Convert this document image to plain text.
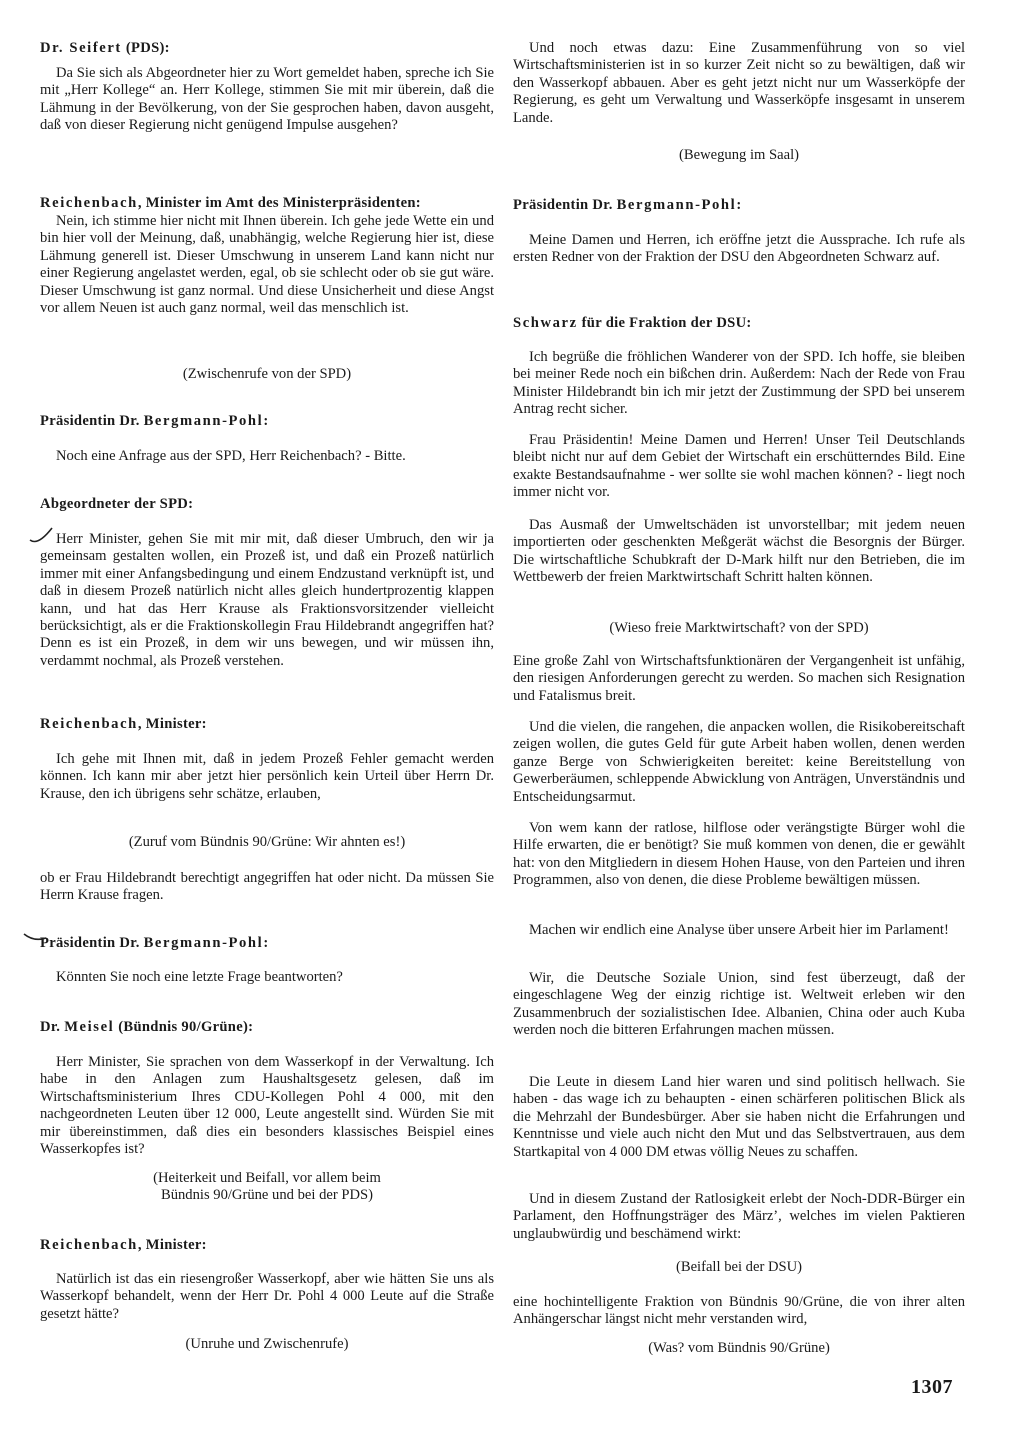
Dr. Seifert (PDS):
Da Sie sich als Abgeordneter hier zu Wort gemeldet haben, spreche ich Sie mit „Herr Kollege“ an. Herr Kollege, stimmen Sie mit mir überein, daß die Lähmung in der Bevölkerung, von der Sie gesprochen haben, davon ausgeht, daß von dieser Regierung nicht genügend Impulse ausgehen?
Reichenbach, Minister im Amt des Ministerpräsidenten:
Nein, ich stimme hier nicht mit Ihnen überein. Ich gehe jede Wette ein und bin hier voll der Meinung, daß, unabhängig, welche Regierung hier ist, diese Lähmung generell ist. Dieser Umschwung in unserem Land kann nicht nur einer Regierung angelastet werden, egal, ob sie schlecht oder ob sie gut wäre. Dieser Umschwung ist ganz normal. Und diese Unsicherheit und diese Angst vor allem Neuen ist auch ganz normal, weil das menschlich ist.
(Zwischenrufe von der SPD)
Präsidentin Dr. Bergmann-Pohl:
Noch eine Anfrage aus der SPD, Herr Reichenbach? - Bitte.
Abgeordneter der SPD:
Herr Minister, gehen Sie mit mir mit, daß dieser Umbruch, den wir ja gemeinsam gestalten wollen, ein Prozeß ist, und daß ein Prozeß natürlich immer mit einer Anfangsbedingung und einem Endzustand verknüpft ist, und daß in diesem Prozeß natürlich nicht alles gleich hundertprozentig klappen kann, und hat das Herr Krause als Fraktionsvorsitzender vielleicht berücksichtigt, als er die Fraktionskollegin Frau Hildebrandt angegriffen hat? Denn es ist ein Prozeß, in dem wir uns bewegen, und wir müssen ihn, verdammt nochmal, als Prozeß verstehen.
Reichenbach, Minister:
Ich gehe mit Ihnen mit, daß in jedem Prozeß Fehler gemacht werden können. Ich kann mir aber jetzt hier persönlich kein Urteil über Herrn Dr. Krause, den ich übrigens sehr schätze, erlauben,
(Zuruf vom Bündnis 90/Grüne: Wir ahnten es!)
ob er Frau Hildebrandt berechtigt angegriffen hat oder nicht. Da müssen Sie Herrn Krause fragen.
Präsidentin Dr. Bergmann-Pohl:
Könnten Sie noch eine letzte Frage beantworten?
Dr. Meisel (Bündnis 90/Grüne):
Herr Minister, Sie sprachen von dem Wasserkopf in der Verwaltung. Ich habe in den Anlagen zum Haushaltsgesetz gelesen, daß im Wirtschaftsministerium Ihres CDU-Kollegen Pohl 4 000, mit den nachgeordneten Leuten über 12 000, Leute angestellt sind. Würden Sie mit mir übereinstimmen, daß dies ein besonders klassisches Beispiel eines Wasserkopfes ist?
(Heiterkeit und Beifall, vor allem beim
Bündnis 90/Grüne und bei der PDS)
Reichenbach, Minister:
Natürlich ist das ein riesengroßer Wasserkopf, aber wie hätten Sie uns als Wasserkopf behandelt, wenn der Herr Dr. Pohl 4 000 Leute auf die Straße gesetzt hätte?
(Unruhe und Zwischenrufe)
Und noch etwas dazu: Eine Zusammenführung von so viel Wirtschaftsministerien ist in so kurzer Zeit nicht so zu bewältigen, daß wir den Wasserkopf abbauen. Aber es geht jetzt nicht nur um Wasserköpfe der Regierung, es geht um Verwaltung und Wasserköpfe insgesamt in unserem Lande.
(Bewegung im Saal)
Präsidentin Dr. Bergmann-Pohl:
Meine Damen und Herren, ich eröffne jetzt die Aussprache. Ich rufe als ersten Redner von der Fraktion der DSU den Abgeordneten Schwarz auf.
Schwarz für die Fraktion der DSU:
Ich begrüße die fröhlichen Wanderer von der SPD. Ich hoffe, sie bleiben bei meiner Rede noch ein bißchen drin. Außerdem: Nach der Rede von Frau Minister Hildebrandt bin ich mir jetzt der Zustimmung der SPD bei unserem Antrag recht sicher.
Frau Präsidentin! Meine Damen und Herren! Unser Teil Deutschlands bleibt nicht nur auf dem Gebiet der Wirtschaft ein erschütterndes Bild. Eine exakte Bestandsaufnahme - wer sollte sie wohl machen können? - liegt noch immer nicht vor.
Das Ausmaß der Umweltschäden ist unvorstellbar; mit jedem neuen importierten oder geschenkten Meßgerät wächst die Besorgnis der Bürger. Die wirtschaftliche Schubkraft der D-Mark hilft nur den Betrieben, die im Wettbewerb der freien Marktwirtschaft Schritt halten können.
(Wieso freie Marktwirtschaft? von der SPD)
Eine große Zahl von Wirtschaftsfunktionären der Vergangenheit ist unfähig, den riesigen Anforderungen gerecht zu werden. So machen sich Resignation und Fatalismus breit.
Und die vielen, die rangehen, die anpacken wollen, die Risikobereitschaft zeigen wollen, die gutes Geld für gute Arbeit haben wollen, denen werden ganze Berge von Schwierigkeiten bereitet: keine Bereitstellung von Gewerberäumen, schleppende Abwicklung von Anträgen, Unverständnis und Entscheidungsarmut.
Von wem kann der ratlose, hilflose oder verängstigte Bürger wohl die Hilfe erwarten, die er benötigt? Sie muß kommen von denen, die er gewählt hat: von den Mitgliedern in diesem Hohen Hause, von den Parteien und ihren Programmen, also von denen, die diese Probleme bewältigen müssen.
Machen wir endlich eine Analyse über unsere Arbeit hier im Parlament!
Wir, die Deutsche Soziale Union, sind fest überzeugt, daß der eingeschlagene Weg der einzig richtige ist. Weltweit erleben wir den Zusammenbruch der sozialistischen Idee. Albanien, China oder auch Kuba werden noch die bitteren Erfahrungen machen müssen.
Die Leute in diesem Land hier waren und sind politisch hellwach. Sie haben - das wage ich zu behaupten - einen schärferen politischen Blick als die Mehrzahl der Bundesbürger. Aber sie haben nicht die Erfahrungen und Kenntnisse und viele auch nicht den Mut und das Selbstvertrauen, aus dem Startkapital von 4 000 DM etwas völlig Neues zu schaffen.
Und in diesem Zustand der Ratlosigkeit erlebt der Noch-DDR-Bürger ein Parlament, den Hoffnungsträger des März’, welches im vielen Paktieren unglaubwürdig und beschämend wirkt:
(Beifall bei der DSU)
eine hochintelligente Fraktion von Bündnis 90/Grüne, die von ihrer alten Anhängerschar längst nicht mehr verstanden wird,
(Was? vom Bündnis 90/Grüne)
1307
